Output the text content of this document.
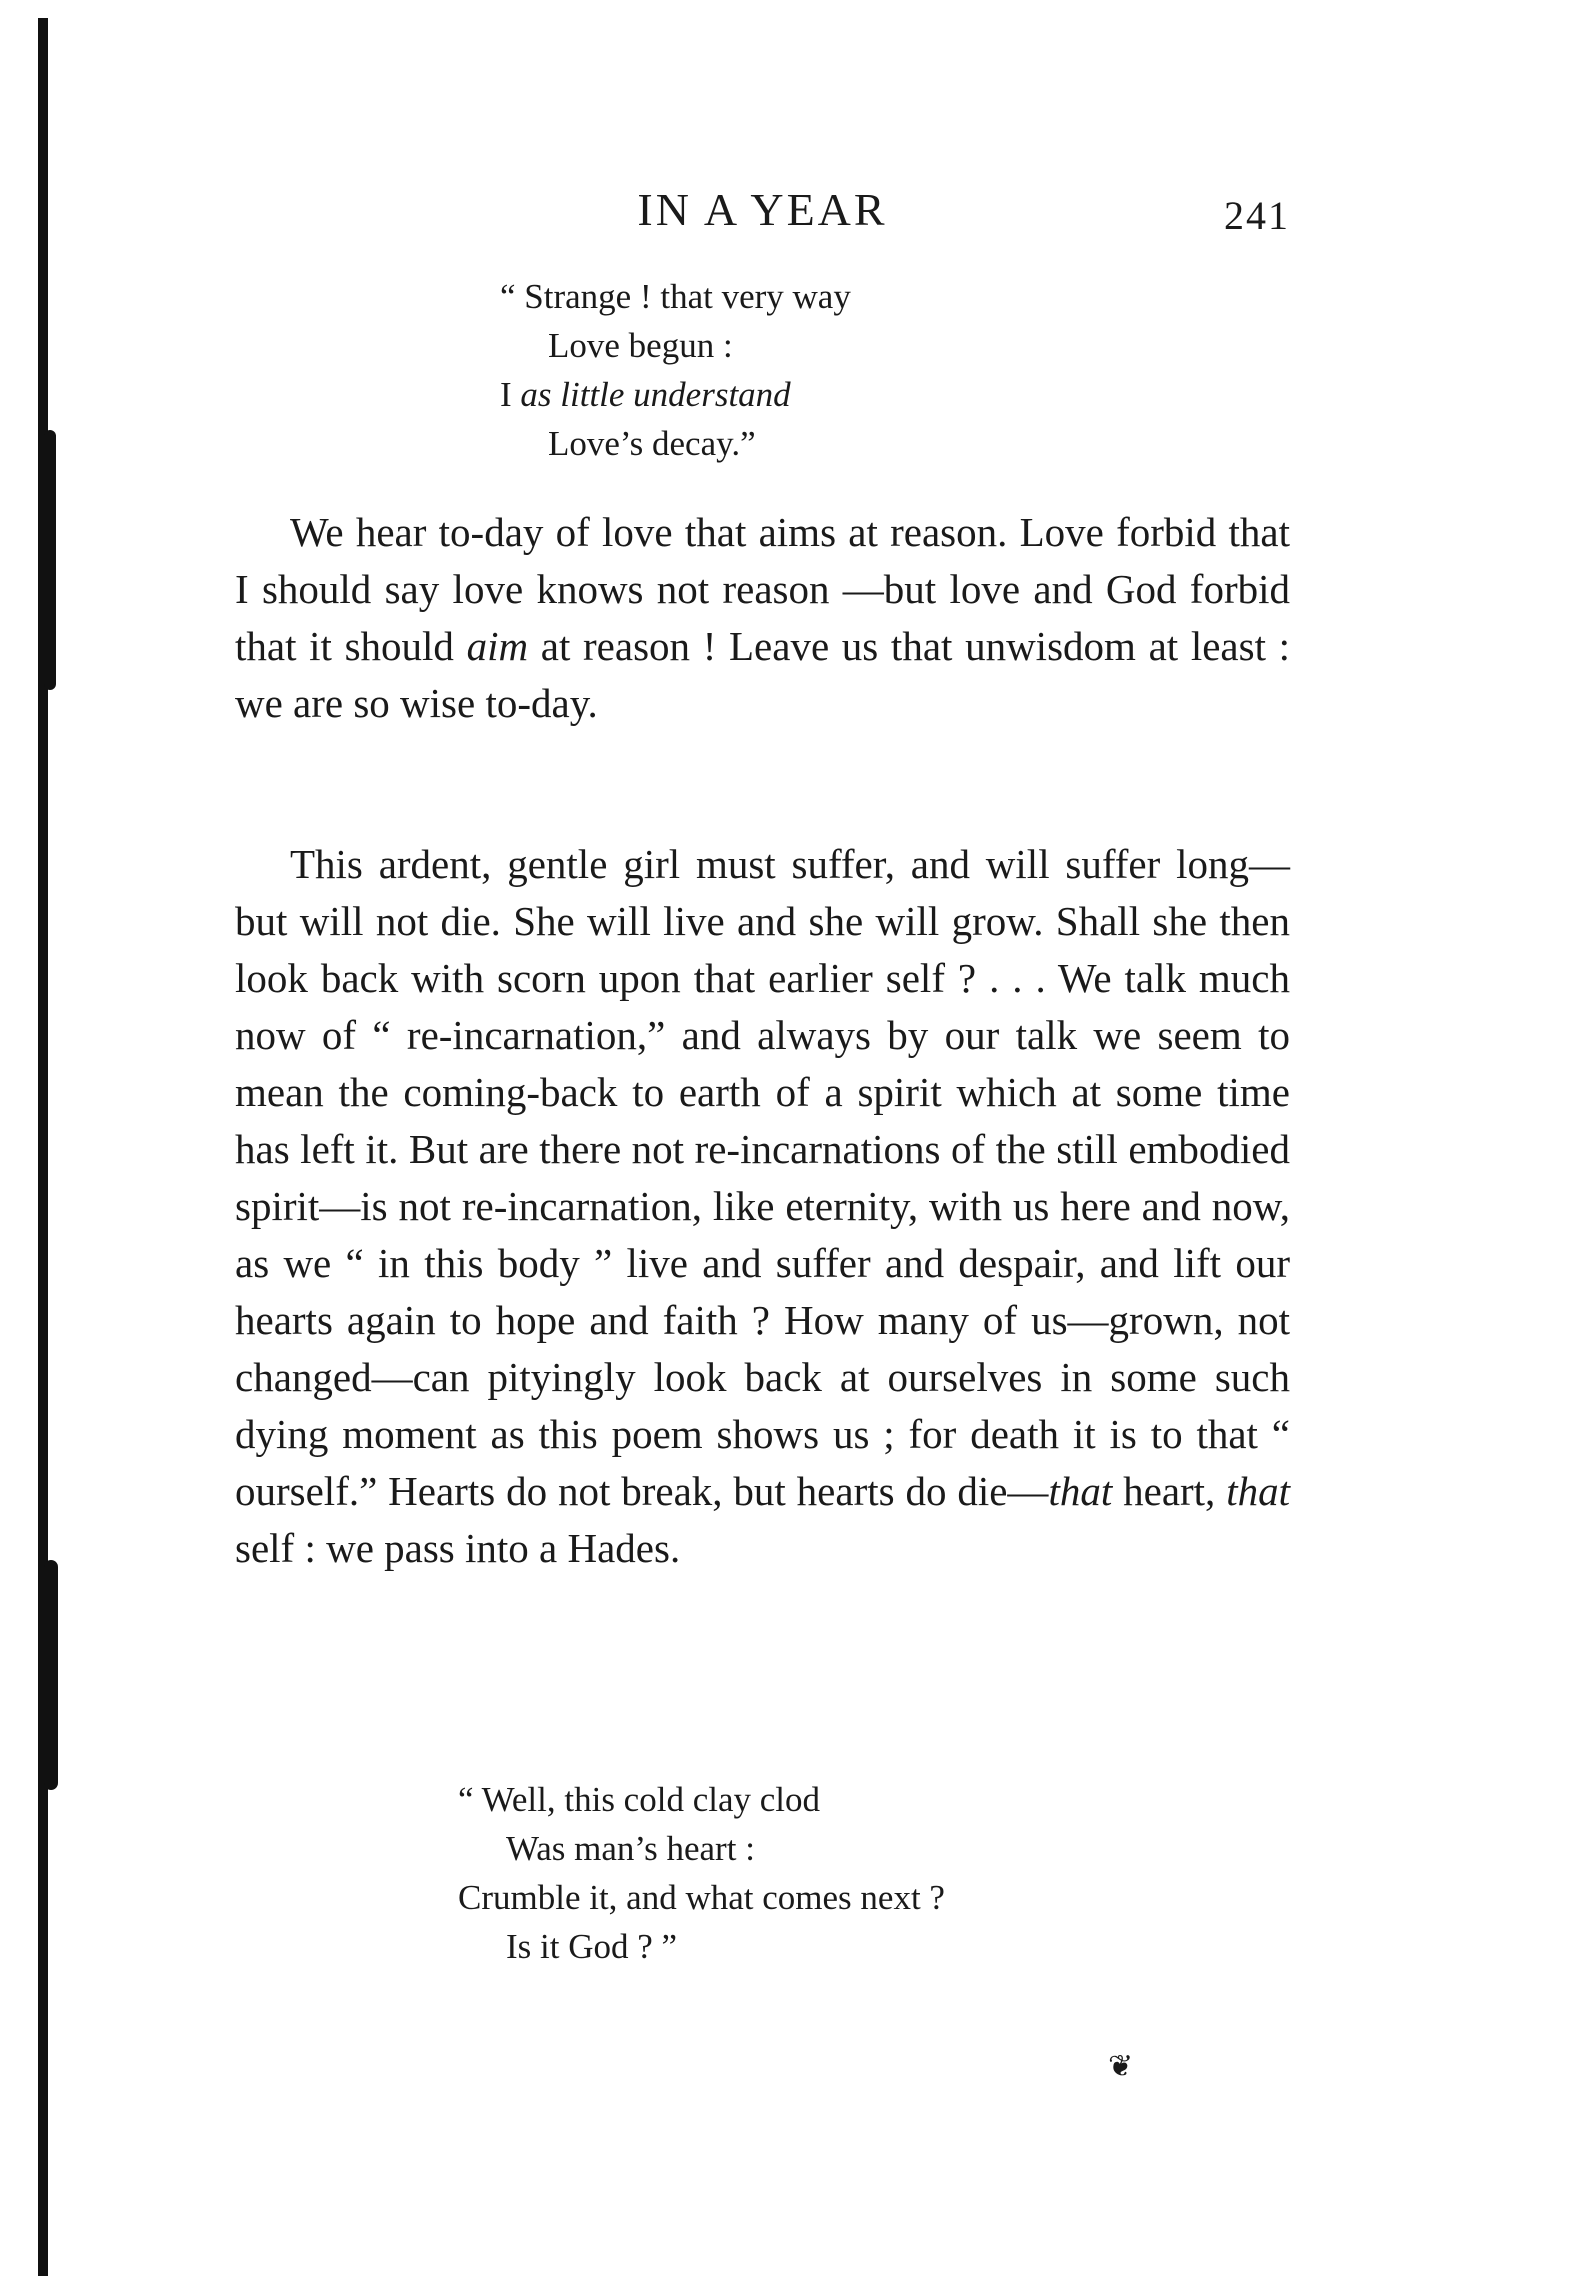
IN A YEAR	241
“ Strange ! that very way
Love begun :
I as little understand
Love’s decay.”

We hear to-day of love that aims at reason. Love forbid that I should say love knows not reason —but love and God forbid that it should aim at reason ! Leave us that unwisdom at least : we are so wise to-day.

This ardent, gentle girl must suffer, and will suffer long—but will not die. She will live and she will grow. Shall she then look back with scorn upon that earlier self ? . . . We talk much now of “ re-incarnation,” and always by our talk we seem to mean the coming-back to earth of a spirit which at some time has left it. But are there not re-incarnations of the still embodied spirit—is not re-incarnation, like eternity, with us here and now, as we “ in this body ” live and suffer and despair, and lift our hearts again to hope and faith ? How many of us—grown, not changed—can pityingly look back at ourselves in some such dying moment as this poem shows us ; for death it is to that “ ourself.” Hearts do not break, but hearts do die—that heart, that self : we pass into a Hades.

“ Well, this cold clay clod
Was man’s heart :
Crumble it, and what comes next ?
Is it God ? ”
❦
